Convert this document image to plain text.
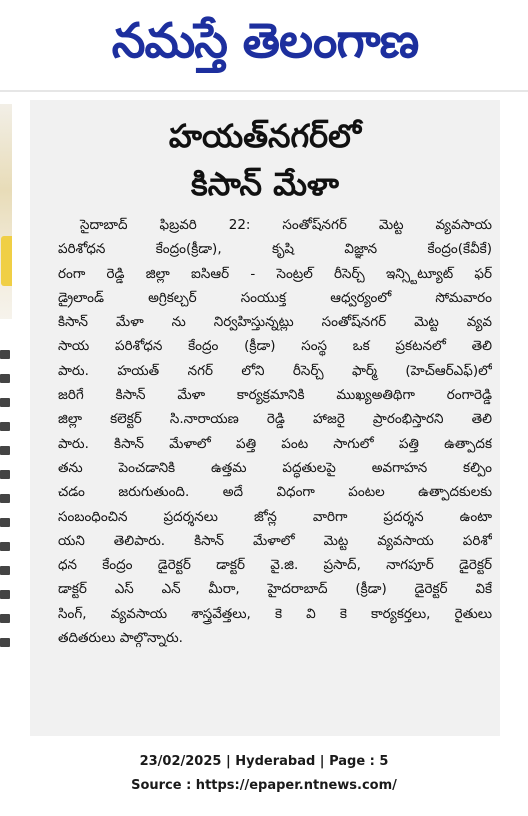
నమస్తే తెలంగాణ
హయత్‌నగర్‌లో
కిసాన్ మేళా
సైదాబాద్ ఫిబ్రవరి 22: సంతోష్‌నగర్ మెట్ట వ్యవసాయ
పరిశోధన కేంద్రం(క్రీడా), కృషి విజ్ఞాన కేంద్రం(కేవీకే)
రంగా రెడ్డి జిల్లా ఐసిఆర్ - సెంట్రల్ రీసెర్చ్ ఇన్స్టిట్యూట్ ఫర్
డ్రైలాండ్ అగ్రికల్చర్ సంయుక్త ఆధ్వర్యంలో సోమవారం
కిసాన్ మేళా ను నిర్వహిస్తున్నట్లు సంతోష్‌నగర్ మెట్ట వ్యవ
సాయ పరిశోధన కేంద్రం (క్రీడా) సంస్థ ఒక ప్రకటనలో తెలి
పారు. హయత్ నగర్ లోని రీసెర్చ్ ఫార్మ్ (హెచ్ఆర్ఎఫ్)లో
జరిగే కిసాన్ మేళా కార్యక్రమానికి ముఖ్యఅతిథిగా రంగారెడ్డి
జిల్లా కలెక్టర్ సి.నారాయణ రెడ్డి హాజరై ప్రారంభిస్తారని తెలి
పారు. కిసాన్ మేళాలో పత్తి పంట సాగులో పత్తి ఉత్పాదక
తను పెంచడానికి ఉత్తమ పద్ధతులపై అవగాహన కల్పిం
చడం జరుగుతుంది. అదే విధంగా పంటల ఉత్పాదకులకు
సంబంధించిన ప్రదర్శనలు జోన్ల వారిగా ప్రదర్శన ఉంటా
యని తెలిపారు. కిసాన్ మేళాలో మెట్ట వ్యవసాయ పరిశో
ధన కేంద్రం డైరెక్టర్ డాక్టర్ వై.జి. ప్రసాద్, నాగపూర్ డైరెక్టర్
డాక్టర్ ఎస్ ఎన్ మీరా, హైదరాబాద్ (క్రీడా) డైరెక్టర్ వికే
సింగ్, వ్యవసాయ శాస్త్రవేత్తలు, కె వి కె కార్యకర్తలు, రైతులు
తదితరులు పాల్గొన్నారు.
23/02/2025 | Hyderabad | Page : 5
Source : https://epaper.ntnews.com/
